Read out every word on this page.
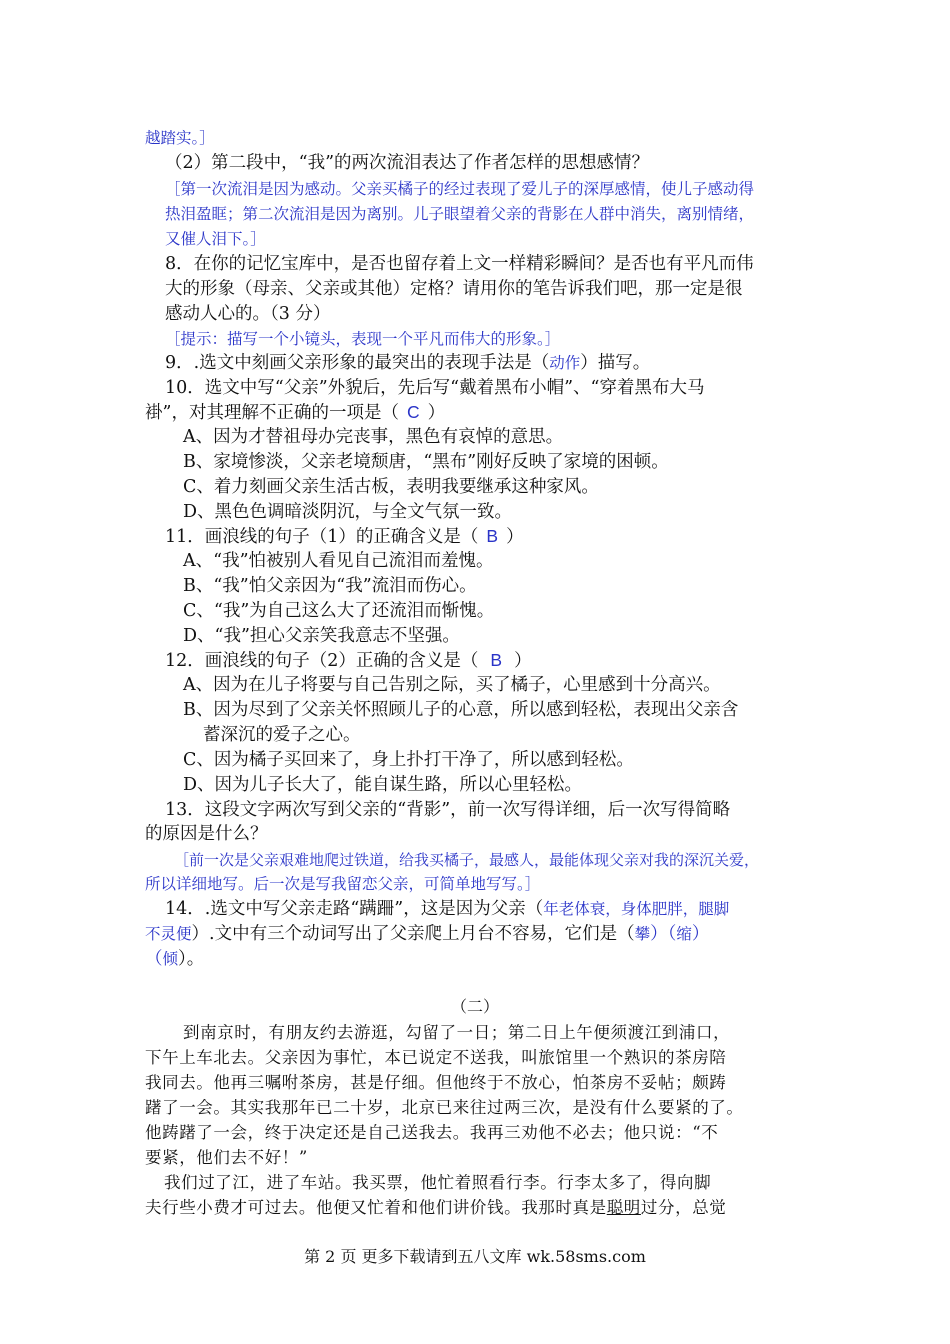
越踏实。］
（2）第二段中，“我”的两次流泪表达了作者怎样的思想感情？
［第一次流泪是因为感动。父亲买橘子的经过表现了爱儿子的深厚感情，使儿子感动得
热泪盈眶；第二次流泪是因为离别。儿子眼望着父亲的背影在人群中消失，离别情绪，
又催人泪下。］
8．在你的记忆宝库中，是否也留存着上文一样精彩瞬间？是否也有平凡而伟
大的形象（母亲、父亲或其他）定格？请用你的笔告诉我们吧，那一定是很
感动人心的。（3 分）
［提示：描写一个小镜头，表现一个平凡而伟大的形象。］
9．.选文中刻画父亲形象的最突出的表现手法是（动作）描写。
10．选文中写“父亲”外貌后，先后写“戴着黑布小帽”、“穿着黑布大马
褂”，对其理解不正确的一项是（ C ）
A、因为才替祖母办完丧事，黑色有哀悼的意思。
B、家境惨淡，父亲老境颓唐，“黑布”刚好反映了家境的困顿。
C、着力刻画父亲生活古板，表明我要继承这种家风。
D、黑色色调暗淡阴沉，与全文气氛一致。
11．画浪线的句子（1）的正确含义是（ B ）
A、“我”怕被别人看见自己流泪而羞愧。
B、“我”怕父亲因为“我”流泪而伤心。
C、“我”为自己这么大了还流泪而惭愧。
D、“我”担心父亲笑我意志不坚强。
12．画浪线的句子（2）正确的含义是（ B ）
A、因为在儿子将要与自己告别之际，买了橘子，心里感到十分高兴。
B、因为尽到了父亲关怀照顾儿子的心意，所以感到轻松，表现出父亲含
蓄深沉的爱子之心。
C、因为橘子买回来了，身上扑打干净了，所以感到轻松。
D、因为儿子长大了，能自谋生路，所以心里轻松。
13．这段文字两次写到父亲的“背影”，前一次写得详细，后一次写得简略
的原因是什么？
［前一次是父亲艰难地爬过铁道，给我买橘子，最感人，最能体现父亲对我的深沉关爱，
所以详细地写。后一次是写我留恋父亲，可简单地写写。］
14．.选文中写父亲走路“蹒跚”，这是因为父亲（年老体衰，身体肥胖，腿脚
不灵便）.文中有三个动词写出了父亲爬上月台不容易，它们是（攀）（缩）
（倾）。
（二）
到南京时，有朋友约去游逛，勾留了一日；第二日上午便须渡江到浦口，
下午上车北去。父亲因为事忙，本已说定不送我，叫旅馆里一个熟识的茶房陪
我同去。他再三嘱咐茶房，甚是仔细。但他终于不放心，怕茶房不妥帖；颇踌
躇了一会。其实我那年已二十岁，北京已来往过两三次，是没有什么要紧的了。
他踌躇了一会，终于决定还是自己送我去。我再三劝他不必去；他只说：“不
要紧，他们去不好！”
我们过了江，进了车站。我买票，他忙着照看行李。行李太多了，得向脚
夫行些小费才可过去。他便又忙着和他们讲价钱。我那时真是聪明过分，总觉
第 2 页 更多下载请到五八文库 wk.58sms.com
